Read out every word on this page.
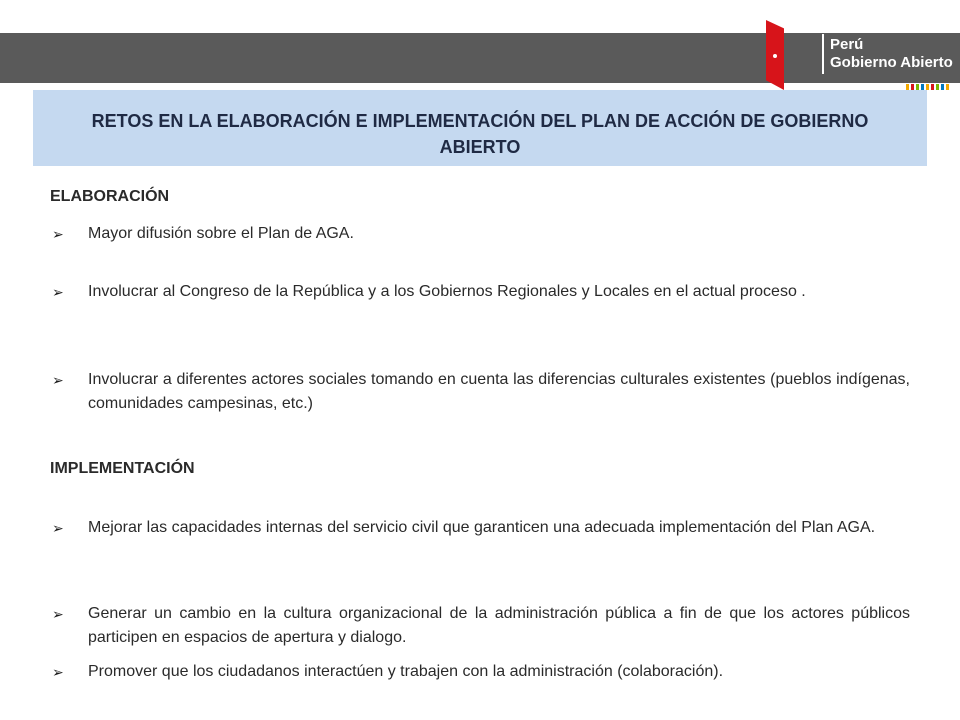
Perú
Gobierno Abierto
RETOS EN LA ELABORACIÓN E IMPLEMENTACIÓN DEL PLAN DE ACCIÓN DE GOBIERNO
ABIERTO
ELABORACIÓN
➢	Mayor difusión sobre el Plan de AGA.
➢	Involucrar al Congreso de la República y a los Gobiernos Regionales y Locales en el actual proceso .
➢	Involucrar a diferentes actores sociales tomando en cuenta las diferencias culturales existentes (pueblos indígenas, comunidades campesinas, etc.)
IMPLEMENTACIÓN
➢	Mejorar las capacidades internas del servicio civil que garanticen una adecuada implementación del Plan AGA.
➢	Generar un cambio en la cultura organizacional de la administración pública a fin de que los actores públicos participen en espacios de apertura y dialogo.
➢	Promover que los ciudadanos interactúen y trabajen con la administración (colaboración).
